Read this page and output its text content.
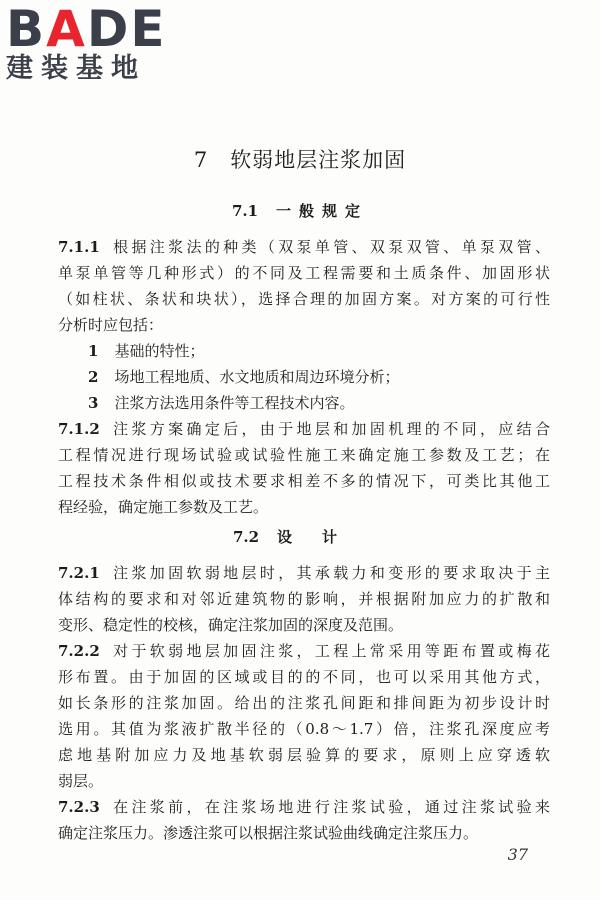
BADE
建装基地
7 软弱地层注浆加固
7.1 一般规定
7.1.1 根据注浆法的种类（双泵单管、双泵双管、单泵双管、
单泵单管等几种形式）的不同及工程需要和土质条件、加固形状
（如柱状、条状和块状），选择合理的加固方案。对方案的可行性
分析时应包括：
1 基础的特性；
2 场地工程地质、水文地质和周边环境分析；
3 注浆方法选用条件等工程技术内容。
7.1.2 注浆方案确定后，由于地层和加固机理的不同，应结合
工程情况进行现场试验或试验性施工来确定施工参数及工艺；在
工程技术条件相似或技术要求相差不多的情况下，可类比其他工
程经验，确定施工参数及工艺。
7.2 设计
7.2.1 注浆加固软弱地层时，其承载力和变形的要求取决于主
体结构的要求和对邻近建筑物的影响，并根据附加应力的扩散和
变形、稳定性的校核，确定注浆加固的深度及范围。
7.2.2 对于软弱地层加固注浆，工程上常采用等距布置或梅花
形布置。由于加固的区域或目的的不同，也可以采用其他方式，
如长条形的注浆加固。给出的注浆孔间距和排间距为初步设计时
选用。其值为浆液扩散半径的（0.8～1.7）倍，注浆孔深度应考
虑地基附加应力及地基软弱层验算的要求，原则上应穿透软
弱层。
7.2.3 在注浆前，在注浆场地进行注浆试验，通过注浆试验来
确定注浆压力。渗透注浆可以根据注浆试验曲线确定注浆压力。
37
